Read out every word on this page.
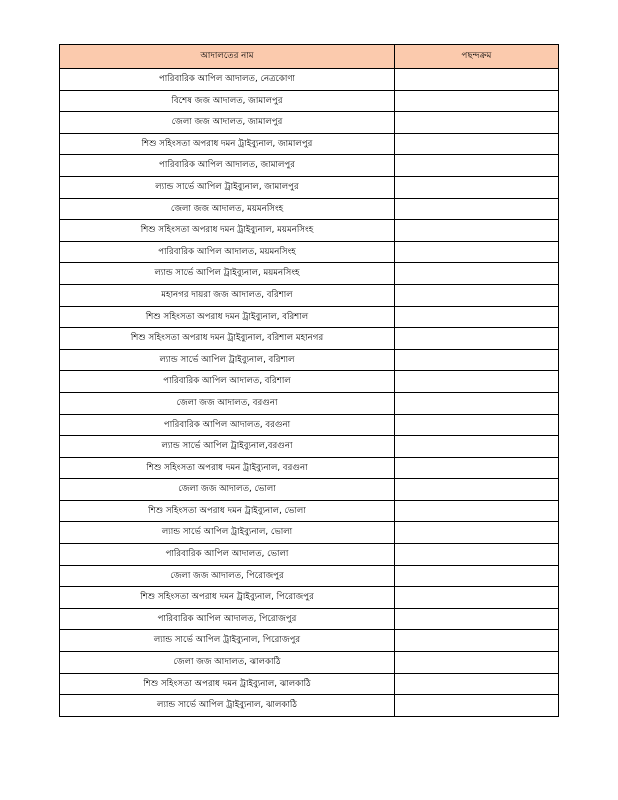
আদালতের নাম	পছন্দক্রম
পারিবারিক আপিল আদালত, নেত্রকোণা	
বিশেষ জজ আদালত, জামালপুর	
জেলা জজ আদালত, জামালপুর	
শিশু সহিংসতা অপরাধ দমন ট্রাইব্যুনাল, জামালপুর	
পারিবারিক আপিল আদালত, জামালপুর	
ল্যান্ড সার্ভে আপিল ট্রাইব্যুনাল, জামালপুর	
জেলা জজ আদালত, ময়মনসিংহ	
শিশু সহিংসতা অপরাধ দমন ট্রাইব্যুনাল, ময়মনসিংহ	
পারিবারিক আপিল আদালত, ময়মনসিংহ	
ল্যান্ড সার্ভে আপিল ট্রাইব্যুনাল, ময়মনসিংহ	
মহানগর দায়রা জজ আদালত, বরিশাল	
শিশু সহিংসতা অপরাধ দমন ট্রাইব্যুনাল, বরিশাল	
শিশু সহিংসতা অপরাধ দমন ট্রাইব্যুনাল, বরিশাল মহানগর	
ল্যান্ড সার্ভে আপিল ট্রাইব্যুনাল, বরিশাল	
পারিবারিক আপিল আদালত, বরিশাল	
জেলা জজ আদালত, বরগুনা	
পারিবারিক আপিল আদালত, বরগুনা	
ল্যান্ড সার্ভে আপিল ট্রাইব্যুনাল,বরগুনা	
শিশু সহিংসতা অপরাধ দমন ট্রাইব্যুনাল, বরগুনা	
জেলা জজ আদালত, ভোলা	
শিশু সহিংসতা অপরাধ দমন ট্রাইব্যুনাল, ভোলা	
ল্যান্ড সার্ভে আপিল ট্রাইব্যুনাল, ভোলা	
পারিবারিক আপিল আদালত, ভোলা	
জেলা জজ আদালত, পিরোজপুর	
শিশু সহিংসতা অপরাধ দমন ট্রাইব্যুনাল, পিরোজপুর	
পারিবারিক আপিল আদালত, পিরোজপুর	
ল্যান্ড সার্ভে আপিল ট্রাইব্যুনাল, পিরোজপুর	
জেলা জজ আদালত, ঝালকাঠি	
শিশু সহিংসতা অপরাধ দমন ট্রাইব্যুনাল, ঝালকাঠি	
ল্যান্ড সার্ভে আপিল ট্রাইব্যুনাল, ঝালকাঠি	
